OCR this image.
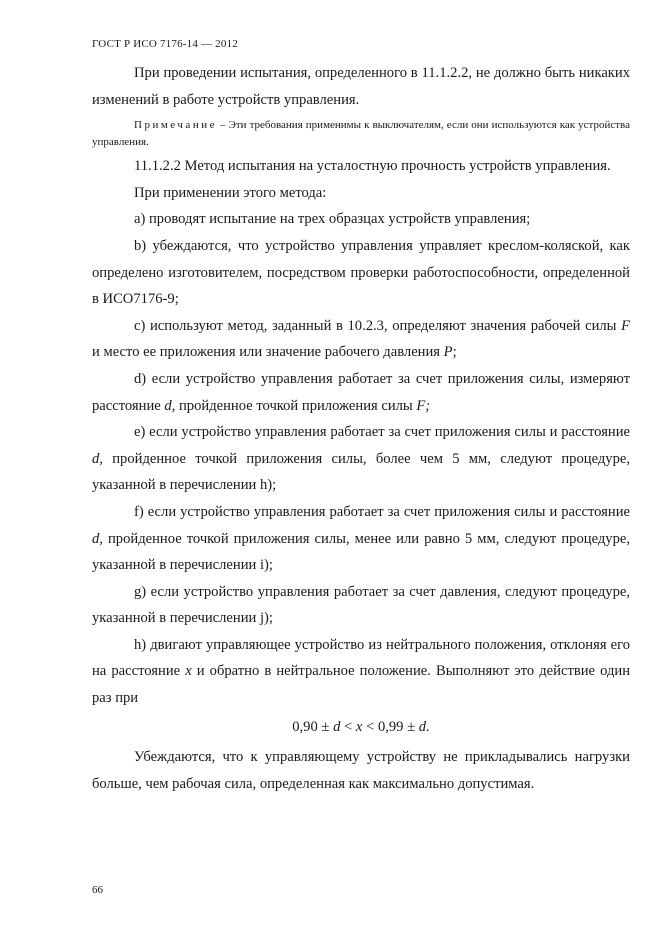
ГОСТ Р ИСО 7176-14 — 2012

При проведении испытания, определенного в 11.1.2.2, не должно быть никаких изменений в работе устройств управления.

Примечание – Эти требования применимы к выключателям, если они используются как устройства управления.

11.1.2.2 Метод испытания на усталостную прочность устройств управления.

При применении этого метода:

a) проводят испытание на трех образцах устройств управления;

b) убеждаются, что устройство управления управляет креслом-коляской, как определено изготовителем, посредством проверки работоспособности, определенной в ИСО7176-9;

c) используют метод, заданный в 10.2.3, определяют значения рабочей силы F и место ее приложения или значение рабочего давления P;

d) если устройство управления работает за счет приложения силы, измеряют расстояние d, пройденное точкой приложения силы F;

e) если устройство управления работает за счет приложения силы и расстояние d, пройденное точкой приложения силы, более чем 5 мм, следуют процедуре, указанной в перечислении h);

f) если устройство управления работает за счет приложения силы и расстояние d, пройденное точкой приложения силы, менее или равно 5 мм, следуют процедуре, указанной в перечислении i);

g) если устройство управления работает за счет давления, следуют процедуре, указанной в перечислении j);

h) двигают управляющее устройство из нейтрального положения, отклоняя его на расстояние x и обратно в нейтральное положение. Выполняют это действие один раз при

0,90 ± d < x < 0,99 ± d.

Убеждаются, что к управляющему устройству не прикладывались нагрузки больше, чем рабочая сила, определенная как максимально допустимая.

66
